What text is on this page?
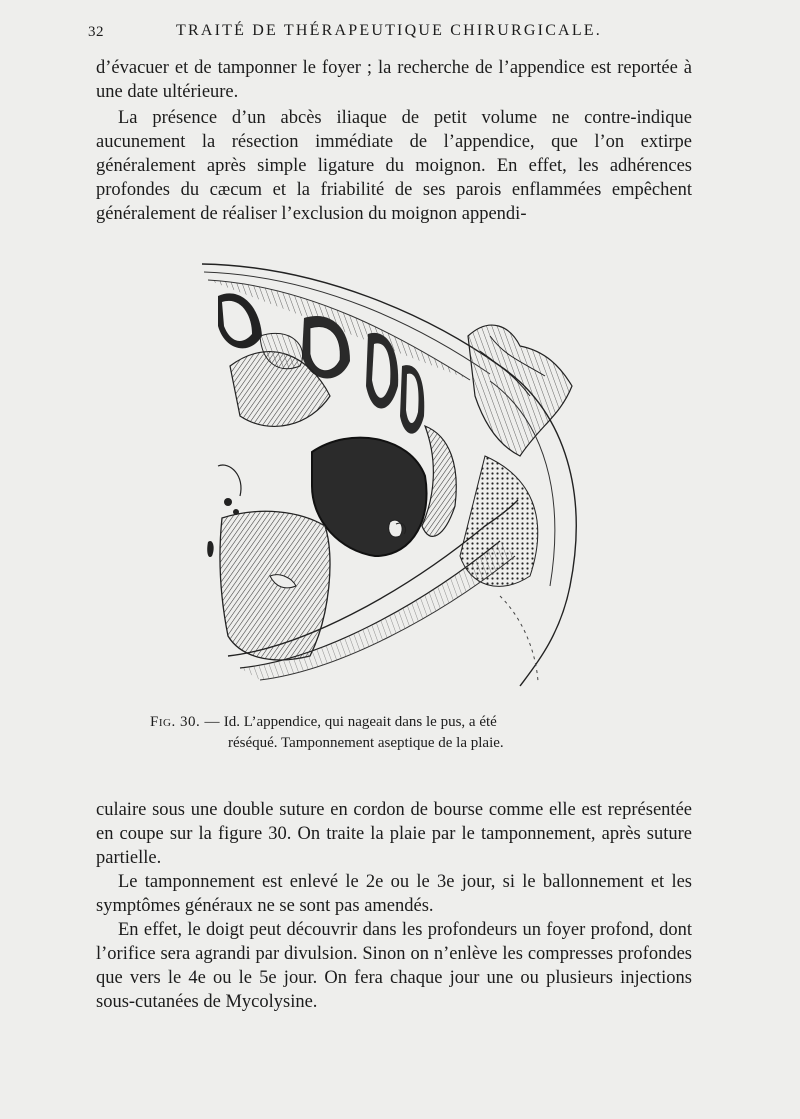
32	TRAITÉ DE THÉRAPEUTIQUE CHIRURGICALE.

d’évacuer et de tamponner le foyer ; la recherche de l’appendice est reportée à une date ultérieure.

La présence d’un abcès iliaque de petit volume ne contre-indique aucunement la résection immédiate de l’appendice, que l’on extirpe généralement après simple ligature du moignon. En effet, les adhérences profondes du cæcum et la friabilité de ses parois enflammées empêchent généralement de réaliser l’exclusion du moignon appendi-

Fig. 30. — Id. L’appendice, qui nageait dans le pus, a été
réséqué. Tamponnement aseptique de la plaie.

culaire sous une double suture en cordon de bourse comme elle est représentée en coupe sur la figure 30. On traite la plaie par le tamponnement, après suture partielle.

Le tamponnement est enlevé le 2e ou le 3e jour, si le ballonnement et les symptômes généraux ne se sont pas amendés.

En effet, le doigt peut découvrir dans les profondeurs un foyer profond, dont l’orifice sera agrandi par divulsion. Sinon on n’enlève les compresses profondes que vers le 4e ou le 5e jour. On fera chaque jour une ou plusieurs injections sous-cutanées de Mycolysine.
